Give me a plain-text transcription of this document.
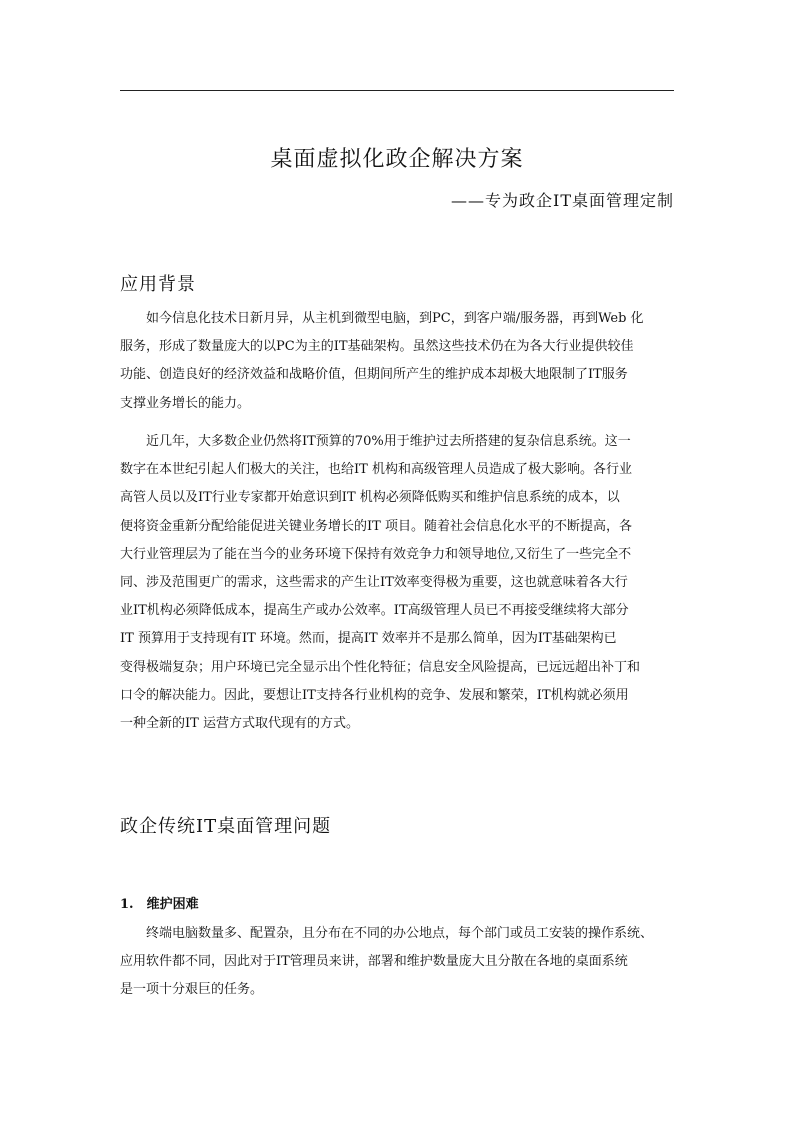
桌面虚拟化政企解决方案
——专为政企IT桌面管理定制
应用背景
如今信息化技术日新月异，从主机到微型电脑，到PC，到客户端/服务器，再到Web 化
服务，形成了数量庞大的以PC为主的IT基础架构。虽然这些技术仍在为各大行业提供较佳
功能、创造良好的经济效益和战略价值，但期间所产生的维护成本却极大地限制了IT服务
支撑业务增长的能力。
近几年，大多数企业仍然将IT预算的70%用于维护过去所搭建的复杂信息系统。这一
数字在本世纪引起人们极大的关注，也给IT 机构和高级管理人员造成了极大影响。各行业
高管人员以及IT行业专家都开始意识到IT 机构必须降低购买和维护信息系统的成本，以
便将资金重新分配给能促进关键业务增长的IT 项目。随着社会信息化水平的不断提高，各
大行业管理层为了能在当今的业务环境下保持有效竞争力和领导地位,又衍生了一些完全不
同、涉及范围更广的需求，这些需求的产生让IT效率变得极为重要，这也就意味着各大行
业IT机构必须降低成本，提高生产或办公效率。IT高级管理人员已不再接受继续将大部分
IT 预算用于支持现有IT 环境。然而，提高IT 效率并不是那么简单，因为IT基础架构已
变得极端复杂；用户环境已完全显示出个性化特征；信息安全风险提高，已远远超出补丁和
口令的解决能力。因此，要想让IT支持各行业机构的竞争、发展和繁荣，IT机构就必须用
一种全新的IT 运营方式取代现有的方式。
政企传统IT桌面管理问题
1.　维护困难
终端电脑数量多、配置杂，且分布在不同的办公地点，每个部门或员工安装的操作系统、
应用软件都不同，因此对于IT管理员来讲，部署和维护数量庞大且分散在各地的桌面系统
是一项十分艰巨的任务。
